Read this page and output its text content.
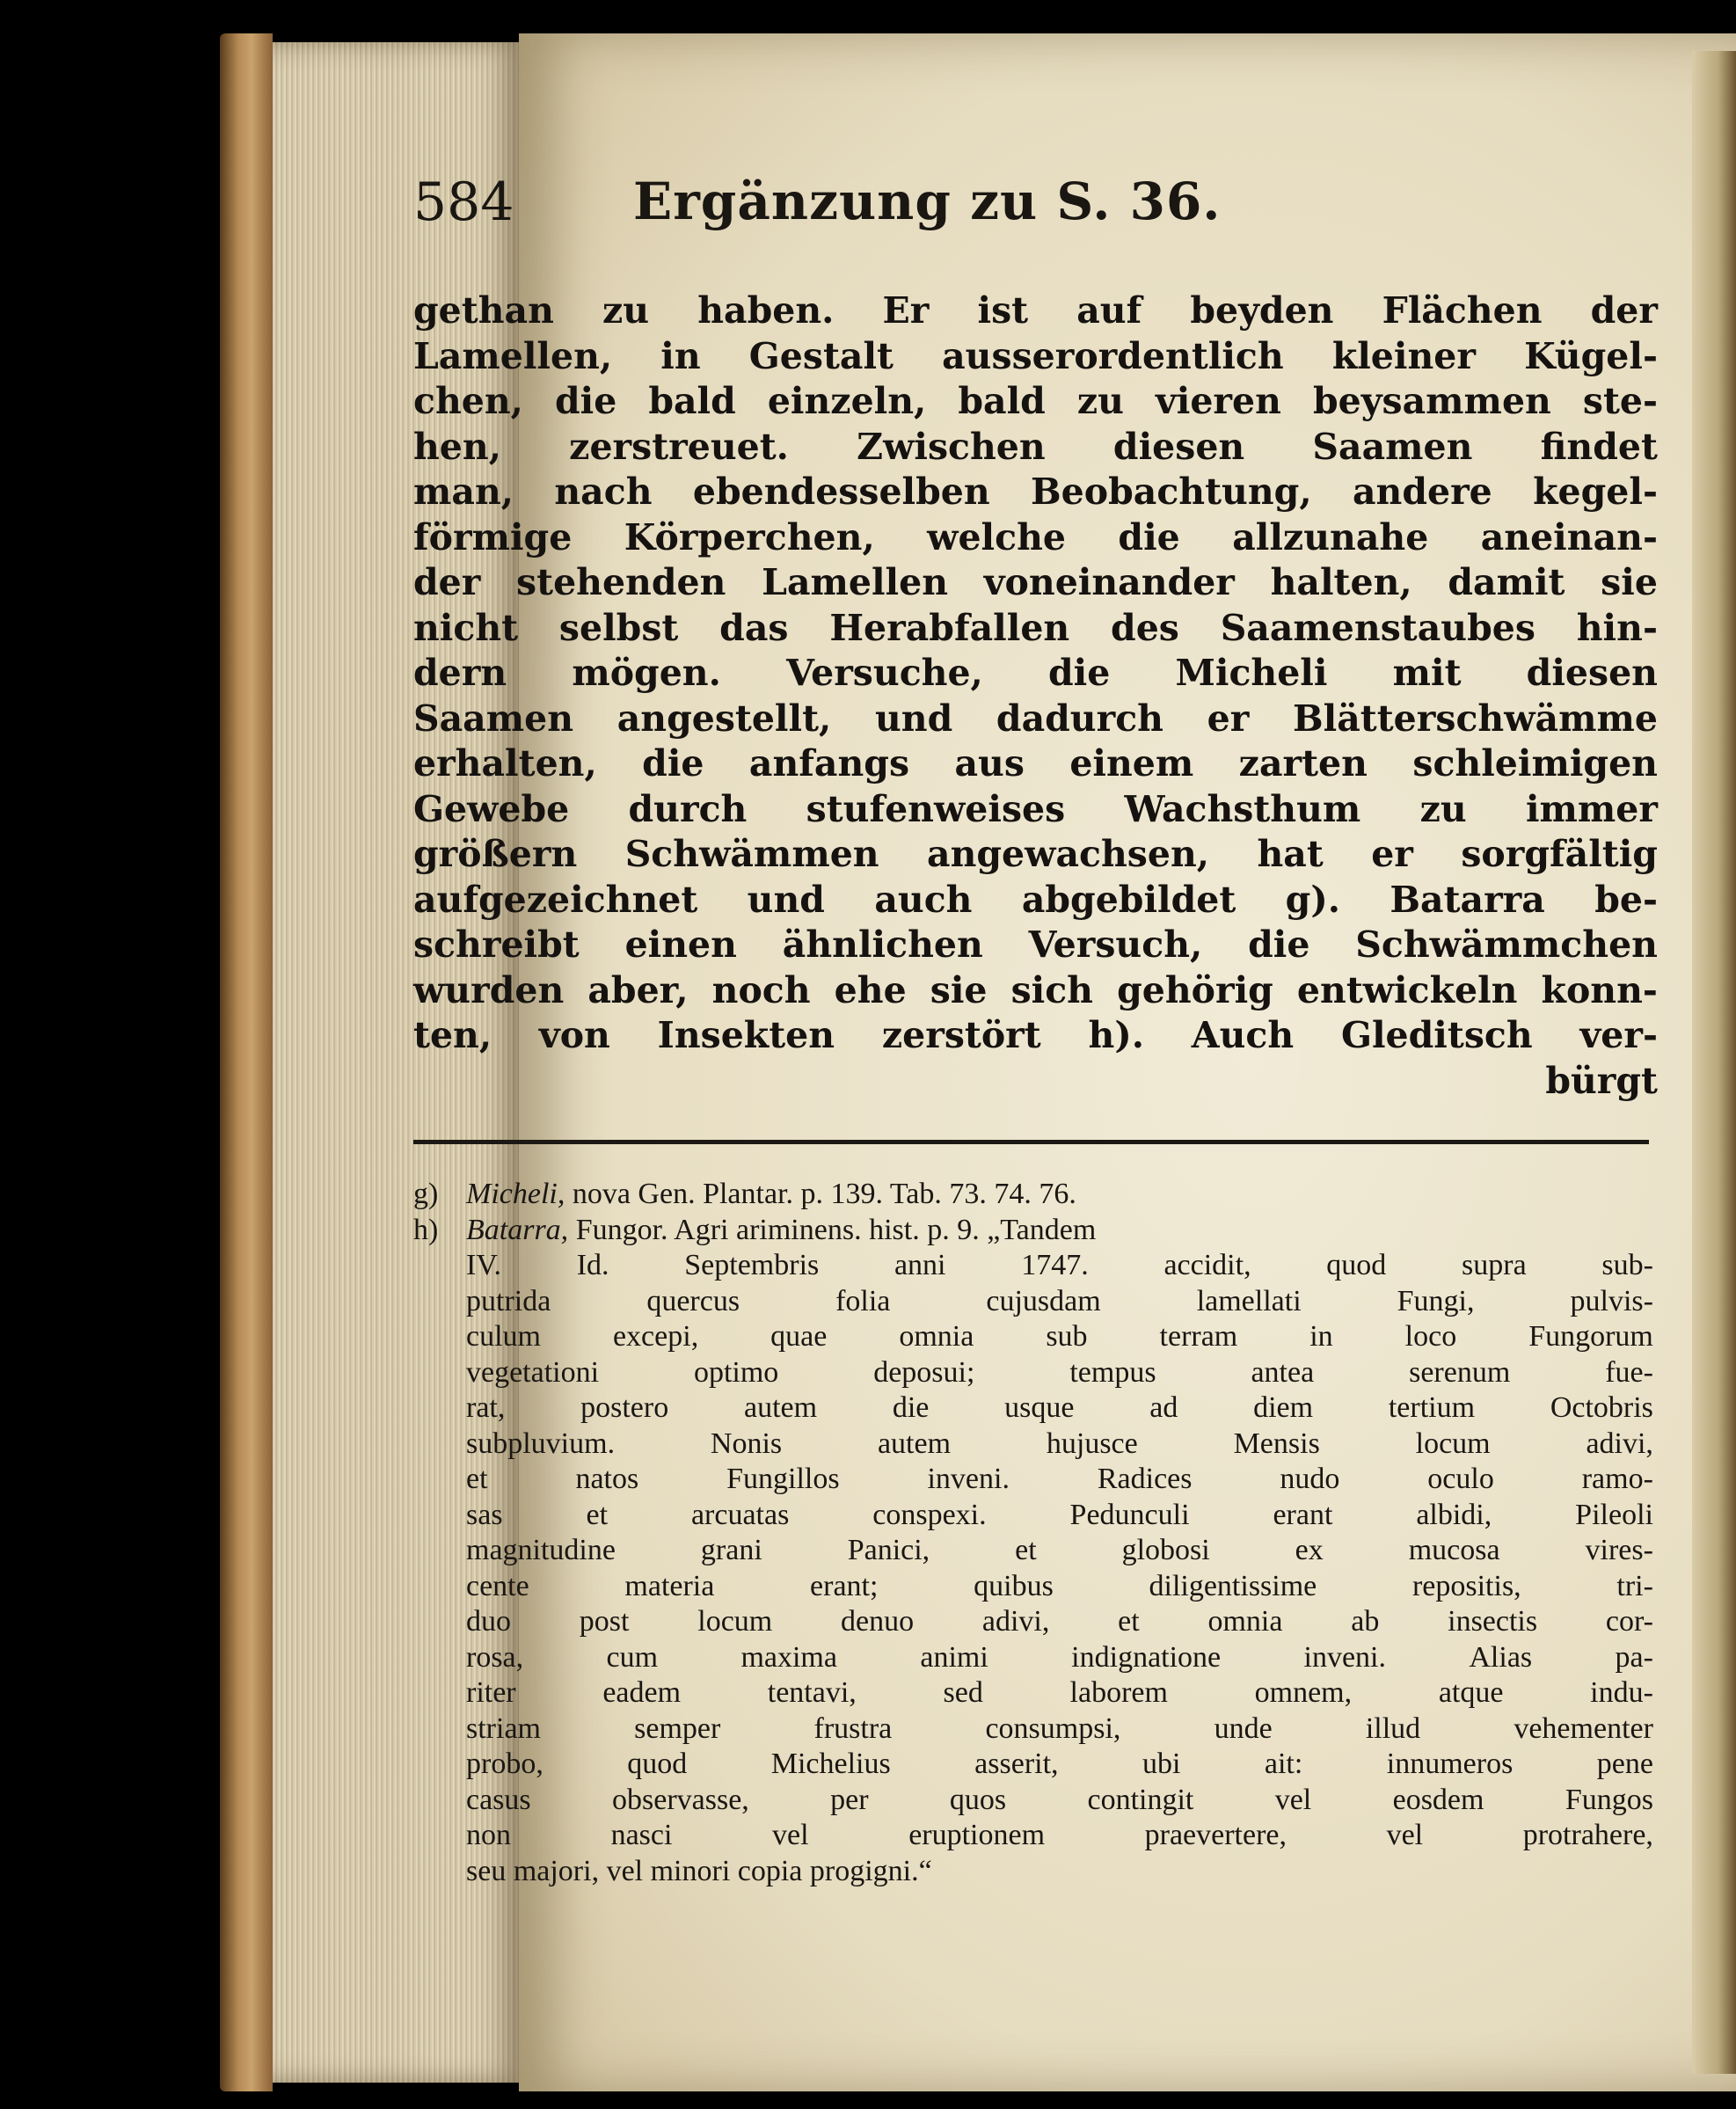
584 Ergänzung zu S. 36.
gethan zu haben. Er ist auf beyden Flächen der
Lamellen, in Gestalt ausserordentlich kleiner Kügel-
chen, die bald einzeln, bald zu vieren beysammen ste-
hen, zerstreuet. Zwischen diesen Saamen findet
man, nach ebendesselben Beobachtung, andere kegel-
förmige Körperchen, welche die allzunahe aneinan-
der stehenden Lamellen voneinander halten, damit sie
nicht selbst das Herabfallen des Saamenstaubes hin-
dern mögen. Versuche, die Micheli mit diesen
Saamen angestellt, und dadurch er Blätterschwämme
erhalten, die anfangs aus einem zarten schleimigen
Gewebe durch stufenweises Wachsthum zu immer
größern Schwämmen angewachsen, hat er sorgfältig
aufgezeichnet und auch abgebildet g). Batarra be-
schreibt einen ähnlichen Versuch, die Schwämmchen
wurden aber, noch ehe sie sich gehörig entwickeln konn-
ten, von Insekten zerstört h). Auch Gleditsch ver-
bürgt
g) Micheli,
nova Gen. Plantar. p. 139. Tab. 73. 74. 76.
h) Batarra,
Fungor. Agri ariminens. hist. p. 9. „Tandem
IV.	Id.	Septembris	anni	1747.	accidit,	quod	supra	sub-
putrida	quercus	folia	cujusdam	lamellati	Fungi,	pulvis-
culum excepi, quae omnia sub terram in loco Fungorum
vegetationi	optimo	deposui;	tempus	antea	serenum	fue-
rat,	postero	autem	die	usque	ad	diem	tertium	Octobris
subpluvium.	Nonis	autem	hujusce	Mensis	locum	adivi,
et	natos	Fungillos	inveni.	Radices	nudo	oculo	ramo-
sas	et	arcuatas	conspexi.	Pedunculi	erant	albidi,	Pileoli
magnitudine	grani	Panici,	et	globosi	ex	mucosa	vires-
cente	materia	erant;	quibus	diligentissime	repositis,	tri-
duo post locum denuo adivi, et omnia ab insectis cor-
rosa,	cum	maxima	animi	indignatione	inveni.	Alias	pa-
riter	eadem	tentavi,	sed	laborem	omnem,	atque	indu-
striam	semper	frustra	consumpsi,	unde	illud	vehementer
probo,	quod	Michelius	asserit,	ubi	ait:	innumeros	pene
casus	observasse,	per	quos	contingit	vel	eosdem	Fungos
non	nasci	vel	eruptionem	praevertere,	vel	protrahere,
seu majori, vel minori copia progigni.“
